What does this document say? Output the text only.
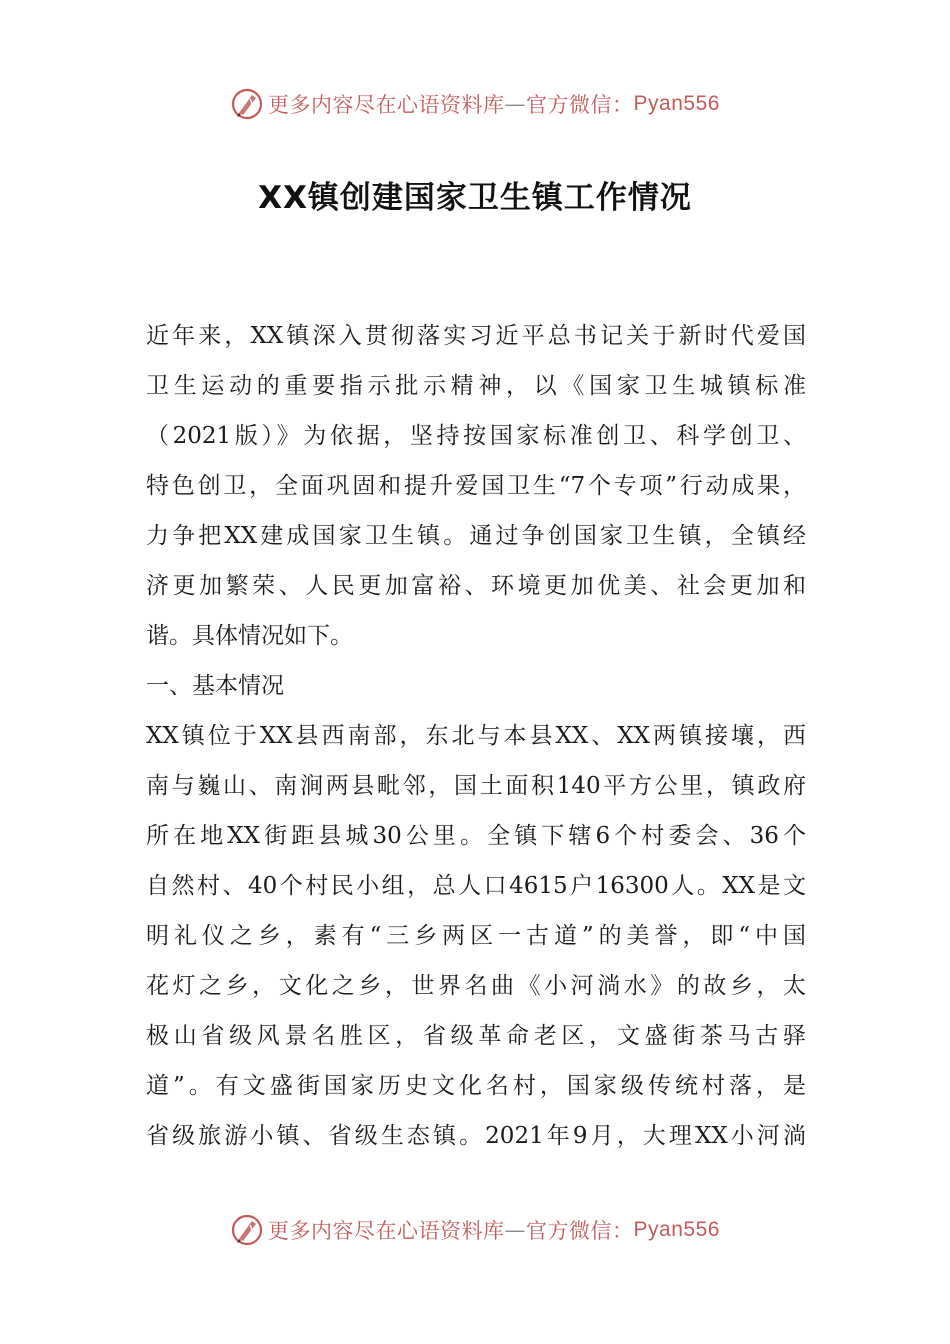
更多内容尽在心语资料库 — 官方微信： Pyan556
XX镇创建国家卫生镇工作情况
近年来，XX镇深入贯彻落实习近平总书记关于新时代爱国
卫生运动的重要指示批示精神，以《国家卫生城镇标准
（2021版）》为依据，坚持按国家标准创卫、科学创卫、
特色创卫，全面巩固和提升爱国卫生“7个专项”行动成果，
力争把XX建成国家卫生镇。通过争创国家卫生镇，全镇经
济更加繁荣、人民更加富裕、环境更加优美、社会更加和
谐。具体情况如下。
一、基本情况
XX镇位于XX县西南部，东北与本县XX、XX两镇接壤，西
南与巍山、南涧两县毗邻，国土面积140平方公里，镇政府
所在地XX街距县城30公里。全镇下辖6个村委会、36个
自然村、40个村民小组，总人口4615户16300人。XX是文
明礼仪之乡，素有“三乡两区一古道”的美誉，即“中国
花灯之乡，文化之乡，世界名曲《小河淌水》的故乡，太
极山省级风景名胜区，省级革命老区，文盛街茶马古驿
道”。有文盛街国家历史文化名村，国家级传统村落，是
省级旅游小镇、省级生态镇。2021年9月，大理XX小河淌
更多内容尽在心语资料库 — 官方微信： Pyan556
